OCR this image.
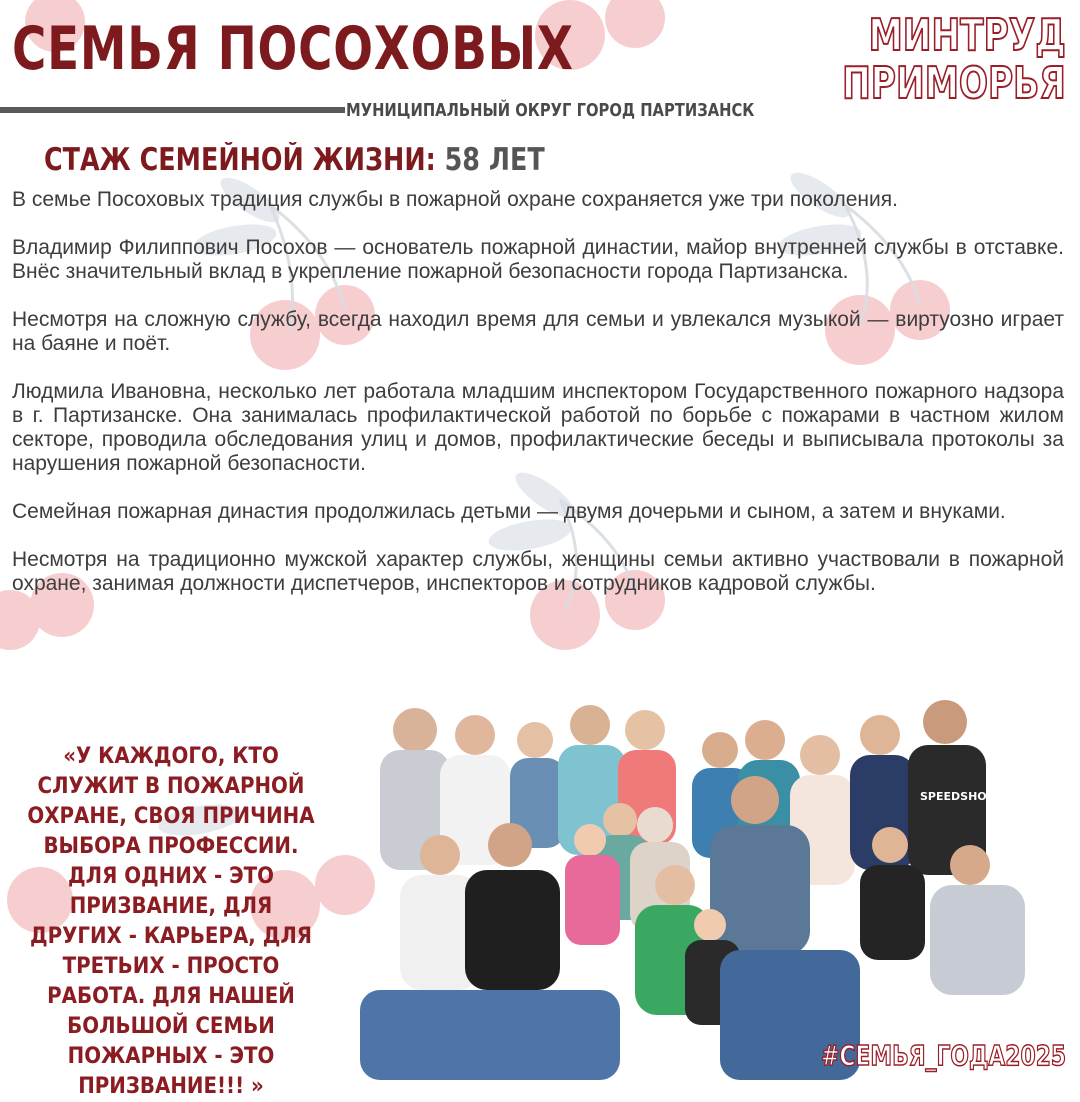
СЕМЬЯ ПОСОХОВЫХ
МУНИЦИПАЛЬНЫЙ ОКРУГ ГОРОД ПАРТИЗАНСК
МИНТРУД
ПРИМОРЬЯ
СТАЖ СЕМЕЙНОЙ ЖИЗНИ: 58 ЛЕТ

В семье Посоховых традиция службы в пожарной охране сохраняется уже три поколения.

Владимир Филиппович Посохов — основатель пожарной династии, майор внутренней службы в отставке. Внёс значительный вклад в укрепление пожарной безопасности города Партизанска.

Несмотря на сложную службу, всегда находил время для семьи и увлекался музыкой — виртуозно играет на баяне и поёт.

Людмила Ивановна, несколько лет работала младшим инспектором Государственного пожарного надзора в г. Партизанске. Она занималась профилактической работой по борьбе с пожарами в частном жилом секторе, проводила обследования улиц и домов, профилактические беседы и выписывала протоколы за нарушения пожарной безопасности.

Семейная пожарная династия продолжилась детьми — двумя дочерьми и сыном, а затем и внуками.

Несмотря на традиционно мужской характер службы, женщины семьи активно участвовали в пожарной охране, занимая должности диспетчеров, инспекторов и сотрудников кадровой службы.

«У КАЖДОГО, КТО СЛУЖИТ В ПОЖАРНОЙ ОХРАНЕ, СВОЯ ПРИЧИНА ВЫБОРА ПРОФЕССИИ. ДЛЯ ОДНИХ - ЭТО ПРИЗВАНИЕ, ДЛЯ ДРУГИХ - КАРЬЕРА, ДЛЯ ТРЕТЬИХ - ПРОСТО РАБОТА. ДЛЯ НАШЕЙ БОЛЬШОЙ СЕМЬИ ПОЖАРНЫХ - ЭТО ПРИЗВАНИЕ!!! »
SPEEDSHOP
#СЕМЬЯ_ГОДА2025
